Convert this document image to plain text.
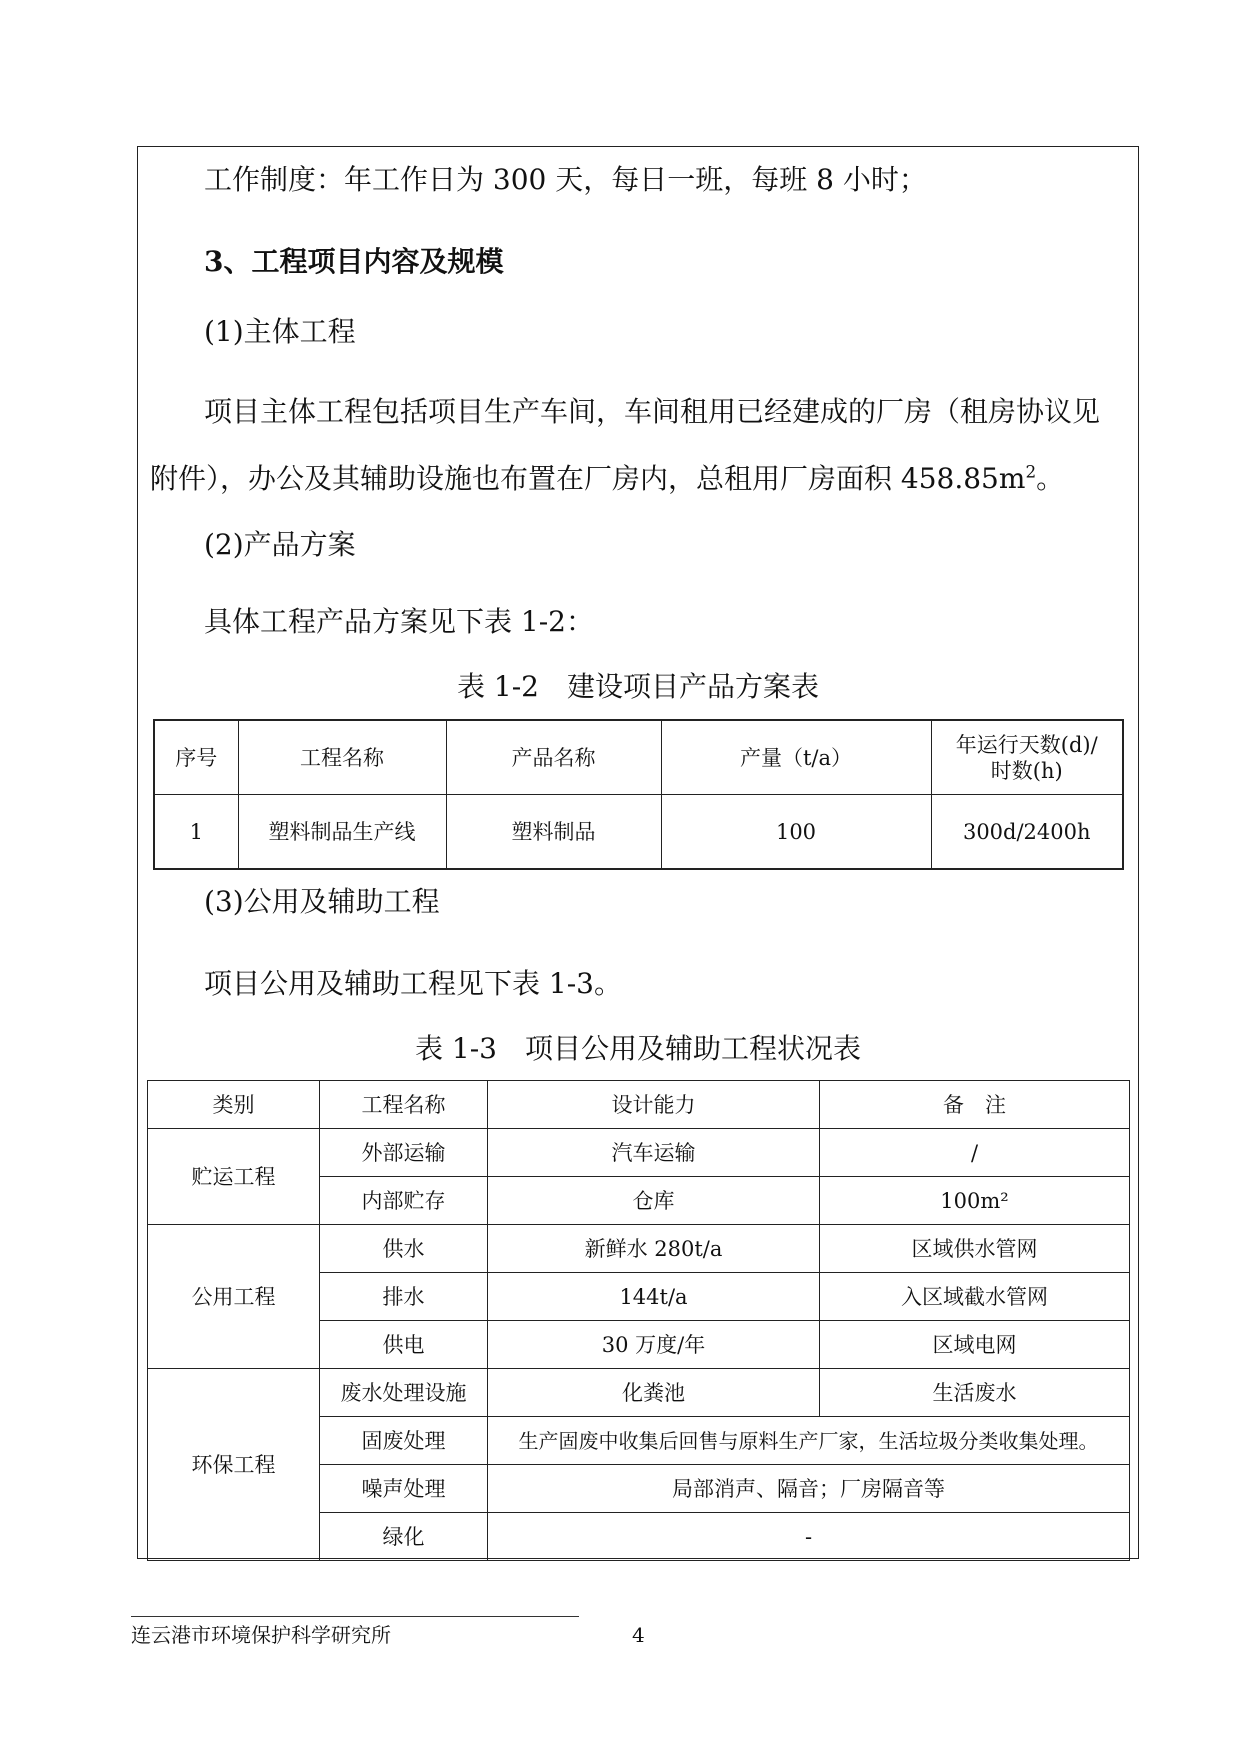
工作制度：年工作日为 300 天，每日一班，每班 8 小时；
3、工程项目内容及规模
(1)主体工程
项目主体工程包括项目生产车间，车间租用已经建成的厂房（租房协议见
附件），办公及其辅助设施也布置在厂房内，总租用厂房面积 $458.85m^2$。
(2)产品方案
具体工程产品方案见下表 1-2：
表 1-2　建设项目产品方案表
序号	工程名称	产品名称	产量（t/a）	年运行天数(d)/
时数(h)
1	塑料制品生产线	塑料制品	100	300d/2400h
(3)公用及辅助工程
项目公用及辅助工程见下表 1-3。
表 1-3　项目公用及辅助工程状况表
类别	工程名称	设计能力	备　注
贮运工程	外部运输	汽车运输	/
	内部贮存	仓库	100m²
公用工程	供水	新鲜水 280t/a	区域供水管网
	排水	144t/a	入区域截水管网
	供电	30 万度/年	区域电网
环保工程	废水处理设施	化粪池	生活废水
	固废处理	生产固废中收集后回售与原料生产厂家，生活垃圾分类收集处理。	
	噪声处理	局部消声、隔音；厂房隔音等	
	绿化	-	
连云港市环境保护科学研究所	4
